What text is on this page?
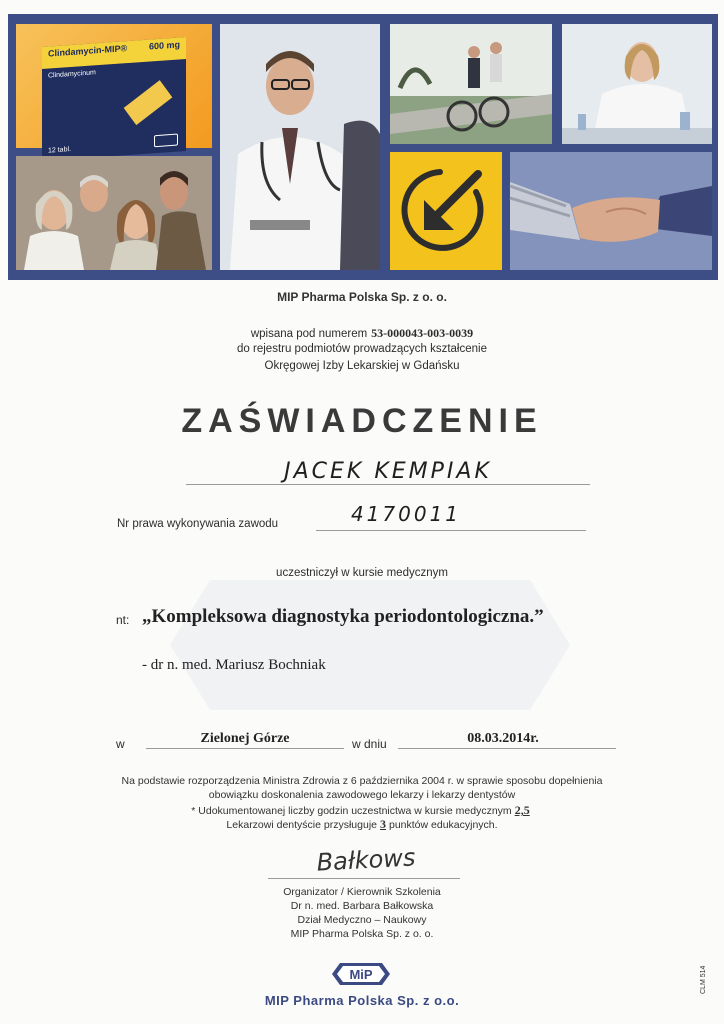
Clindamycin-MIP® 600 mg
Clindamycinum
12 tabl.
MIP Pharma Polska Sp. z o. o.
wpisana pod numerem 53-000043-003-0039
do rejestru podmiotów prowadzących kształcenie
Okręgowej Izby Lekarskiej w Gdańsku
ZAŚWIADCZENIE
JACEK KEMPIAK
Nr prawa wykonywania zawodu	4170011
uczestniczył w kursie medycznym
nt: „Kompleksowa diagnostyka periodontologiczna.”
- dr n. med. Mariusz Bochniak
w	Zielonej Górze	w dniu	08.03.2014r.
Na podstawie rozporządzenia Ministra Zdrowia z 6 października 2004 r. w sprawie sposobu dopełnienia
obowiązku doskonalenia zawodowego lekarzy i lekarzy dentystów
* Udokumentowanej liczby godzin uczestnictwa w kursie medycznym 2,5
Lekarzowi dentyście przysługuje 3 punktów edukacyjnych.
Bałkows
Organizator / Kierownik Szkolenia
Dr n. med. Barbara Bałkowska
Dział Medyczno – Naukowy
MIP Pharma Polska Sp. z o. o.
MiP
MIP Pharma Polska Sp. z o.o.
CLM 514
